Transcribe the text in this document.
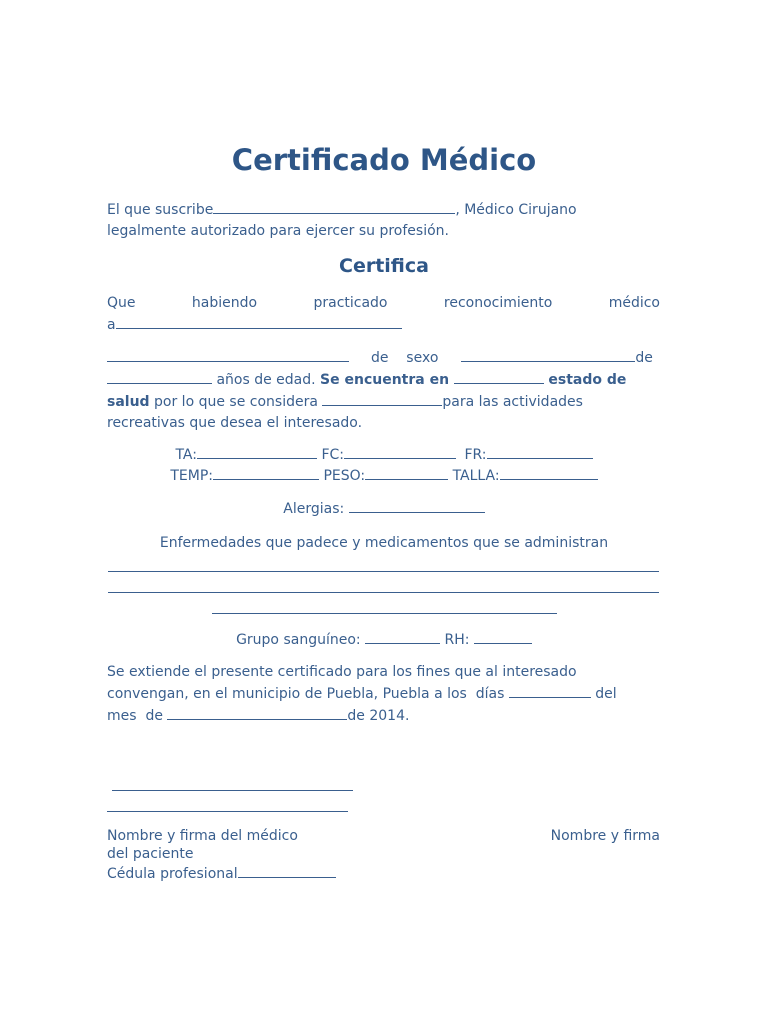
Certificado Médico
El que suscribe	, Médico Cirujano
legalmente autorizado para ejercer su profesión.
Certifica
Que	habiendo	practicado	reconocimiento	médico
a
de    sexo	de
años de edad. Se encuentra en	estado de
salud por lo que se considera	para las actividades
recreativas que desea el interesado.
TA:	FC:	FR:
TEMP:	PESO:	TALLA:
Alergias:
Enfermedades que padece y medicamentos que se administran
Grupo sanguíneo:	RH:
Se extiende el presente certificado para los fines que al interesado
convengan, en el municipio de Puebla, Puebla a los  días	del
mes  de	de 2014.
Nombre y firma del médico	Nombre y firma
del paciente
Cédula profesional
